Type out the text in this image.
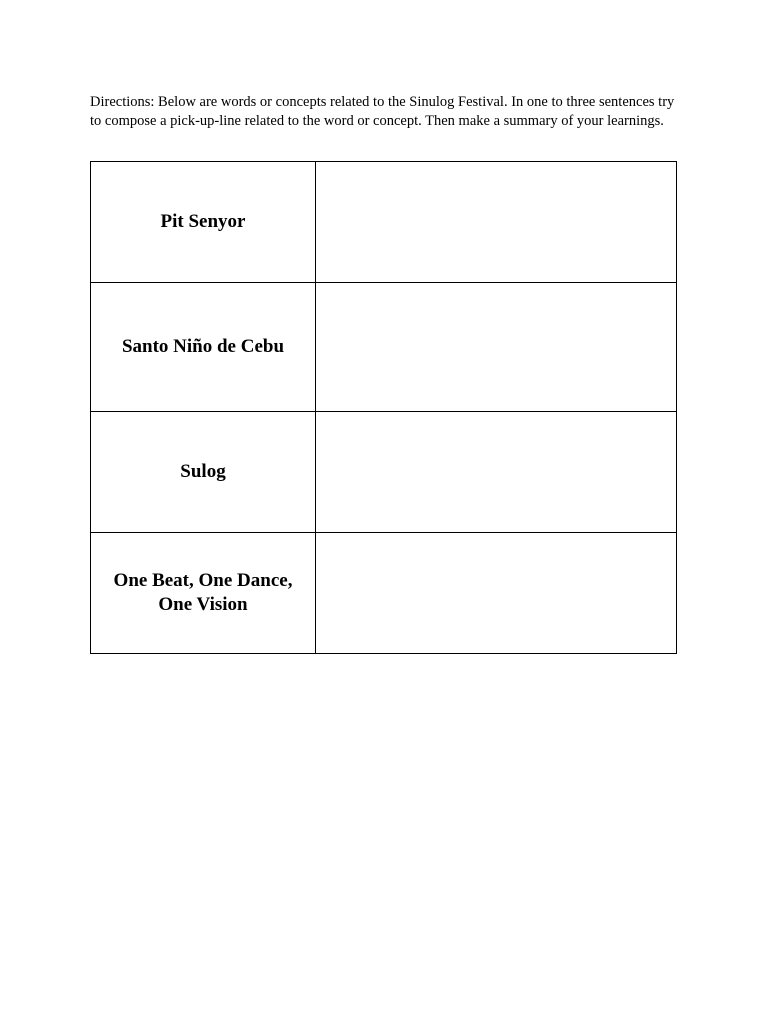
Directions: Below are words or concepts related to the Sinulog Festival. In one to three sentences try to compose a pick-up-line related to the word or concept. Then make a summary of your learnings.

Pit Senyor	
Santo Niño de Cebu	
Sulog	
One Beat, One Dance, One Vision	
